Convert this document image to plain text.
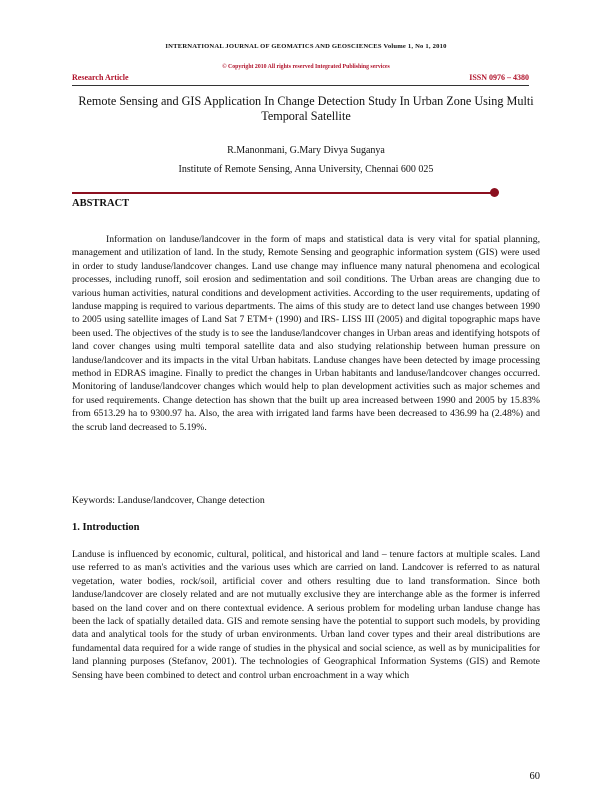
INTERNATIONAL JOURNAL OF GEOMATICS AND GEOSCIENCES Volume 1, No 1, 2010
© Copyright 2010 All rights reserved Integrated Publishing services
Research Article	ISSN 0976 – 4380
Remote Sensing and GIS Application In Change Detection Study In Urban Zone Using Multi Temporal Satellite
R.Manonmani, G.Mary Divya Suganya
Institute of Remote Sensing, Anna University, Chennai 600 025
ABSTRACT

Information on landuse/landcover in the form of maps and statistical data is very vital for spatial planning, management and utilization of land. In the study, Remote Sensing and geographic information system (GIS) were used in order to study landuse/landcover changes. Land use change may influence many natural phenomena and ecological processes, including runoff, soil erosion and sedimentation and soil conditions. The Urban areas are changing due to various human activities, natural conditions and development activities. According to the user requirements, updating of landuse mapping is required to various departments. The aims of this study are to detect land use changes between 1990 to 2005 using satellite images of Land Sat 7 ETM+ (1990) and IRS- LISS III (2005) and digital topographic maps have been used. The objectives of the study is to see the landuse/landcover changes in Urban areas and identifying hotspots of land cover changes using multi temporal satellite data and also studying relationship between human pressure on landuse/landcover and its impacts in the vital Urban habitats. Landuse changes have been detected by image processing method in EDRAS imagine. Finally to predict the changes in Urban habitants and landuse/landcover changes occurred. Monitoring of landuse/landcover changes which would help to plan development activities such as major schemes and for used requirements. Change detection has shown that the built up area increased between 1990 and 2005 by 15.83% from 6513.29 ha to 9300.97 ha. Also, the area with irrigated land farms have been decreased to 436.99 ha (2.48%) and the scrub land decreased to 5.19%.

Keywords: Landuse/landcover, Change detection

1. Introduction

Landuse is influenced by economic, cultural, political, and historical and land – tenure factors at multiple scales. Land use referred to as man's activities and the various uses which are carried on land. Landcover is referred to as natural vegetation, water bodies, rock/soil, artificial cover and others resulting due to land transformation. Since both landuse/landcover are closely related and are not mutually exclusive they are interchange able as the former is inferred based on the land cover and on there contextual evidence. A serious problem for modeling urban landuse change has been the lack of spatially detailed data. GIS and remote sensing have the potential to support such models, by providing data and analytical tools for the study of urban environments. Urban land cover types and their areal distributions are fundamental data required for a wide range of studies in the physical and social science, as well as by municipalities for land planning purposes (Stefanov, 2001). The technologies of Geographical Information Systems (GIS) and Remote Sensing have been combined to detect and control urban encroachment in a way which

60
